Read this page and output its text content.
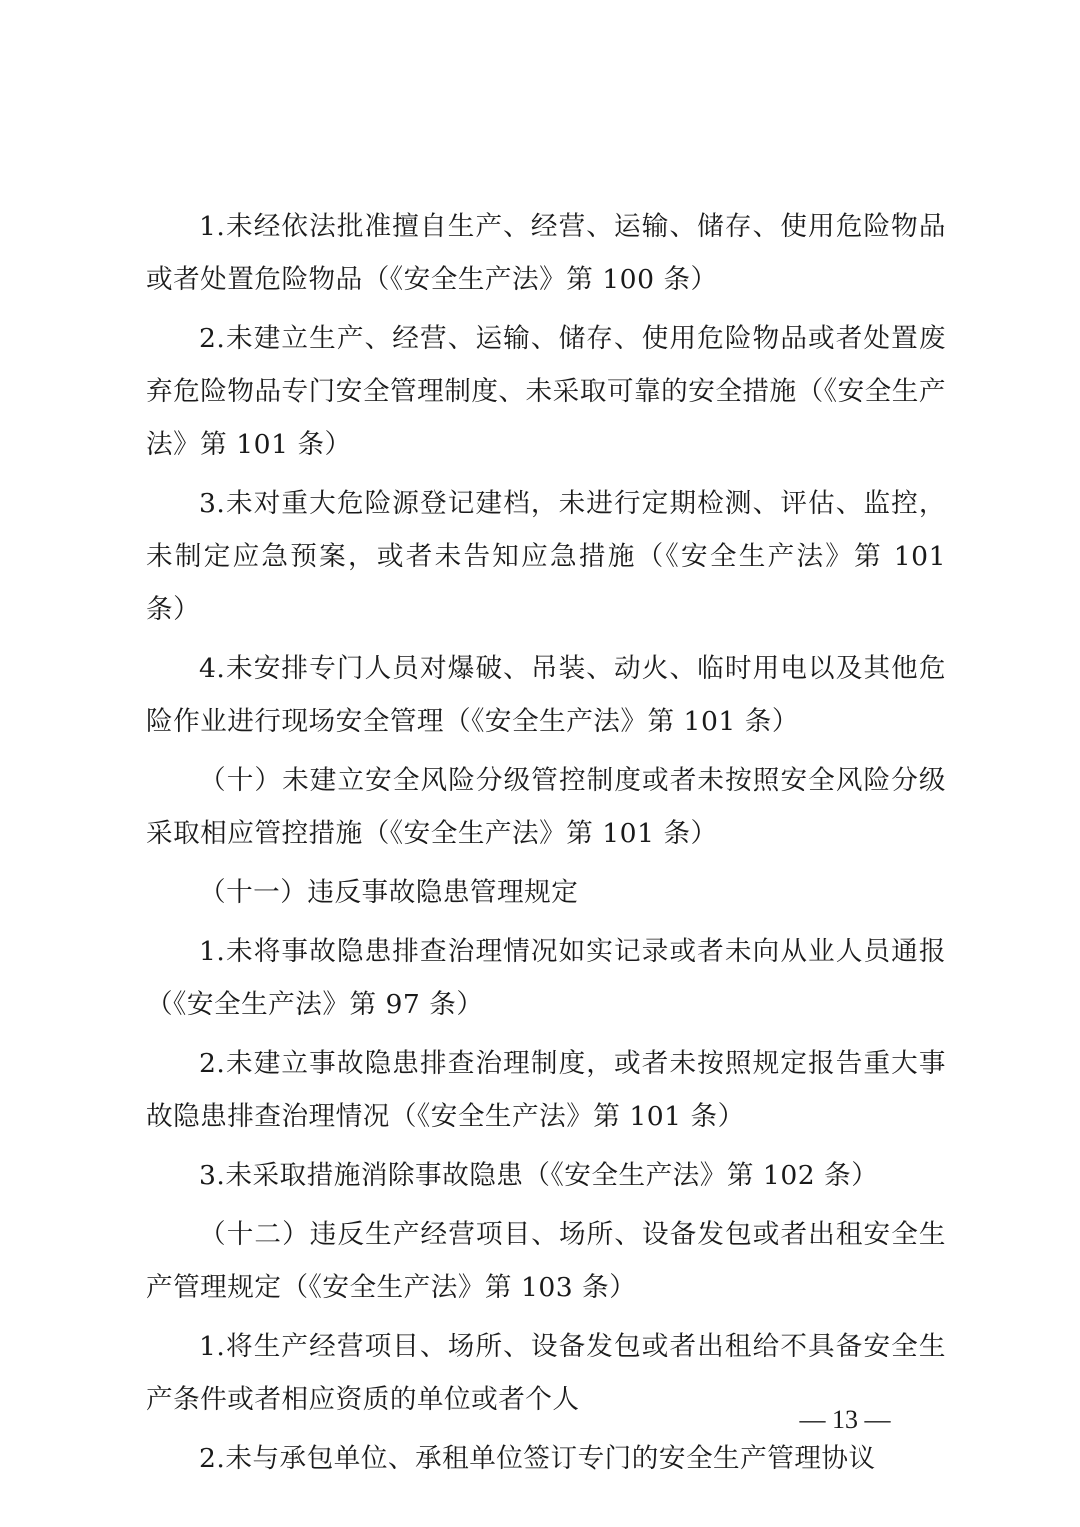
1.未经依法批准擅自生产、经营、运输、储存、使用危险物品或者处置危险物品（《安全生产法》第 100 条）

2.未建立生产、经营、运输、储存、使用危险物品或者处置废弃危险物品专门安全管理制度、未采取可靠的安全措施（《安全生产法》第 101 条）

3.未对重大危险源登记建档，未进行定期检测、评估、监控，未制定应急预案，或者未告知应急措施（《安全生产法》第 101 条）

4.未安排专门人员对爆破、吊装、动火、临时用电以及其他危险作业进行现场安全管理（《安全生产法》第 101 条）

（十）未建立安全风险分级管控制度或者未按照安全风险分级采取相应管控措施（《安全生产法》第 101 条）

（十一）违反事故隐患管理规定

1.未将事故隐患排查治理情况如实记录或者未向从业人员通报（《安全生产法》第 97 条）

2.未建立事故隐患排查治理制度，或者未按照规定报告重大事故隐患排查治理情况（《安全生产法》第 101 条）

3.未采取措施消除事故隐患（《安全生产法》第 102 条）

（十二）违反生产经营项目、场所、设备发包或者出租安全生产管理规定（《安全生产法》第 103 条）

1.将生产经营项目、场所、设备发包或者出租给不具备安全生产条件或者相应资质的单位或者个人

2.未与承包单位、承租单位签订专门的安全生产管理协议

— 13 —
